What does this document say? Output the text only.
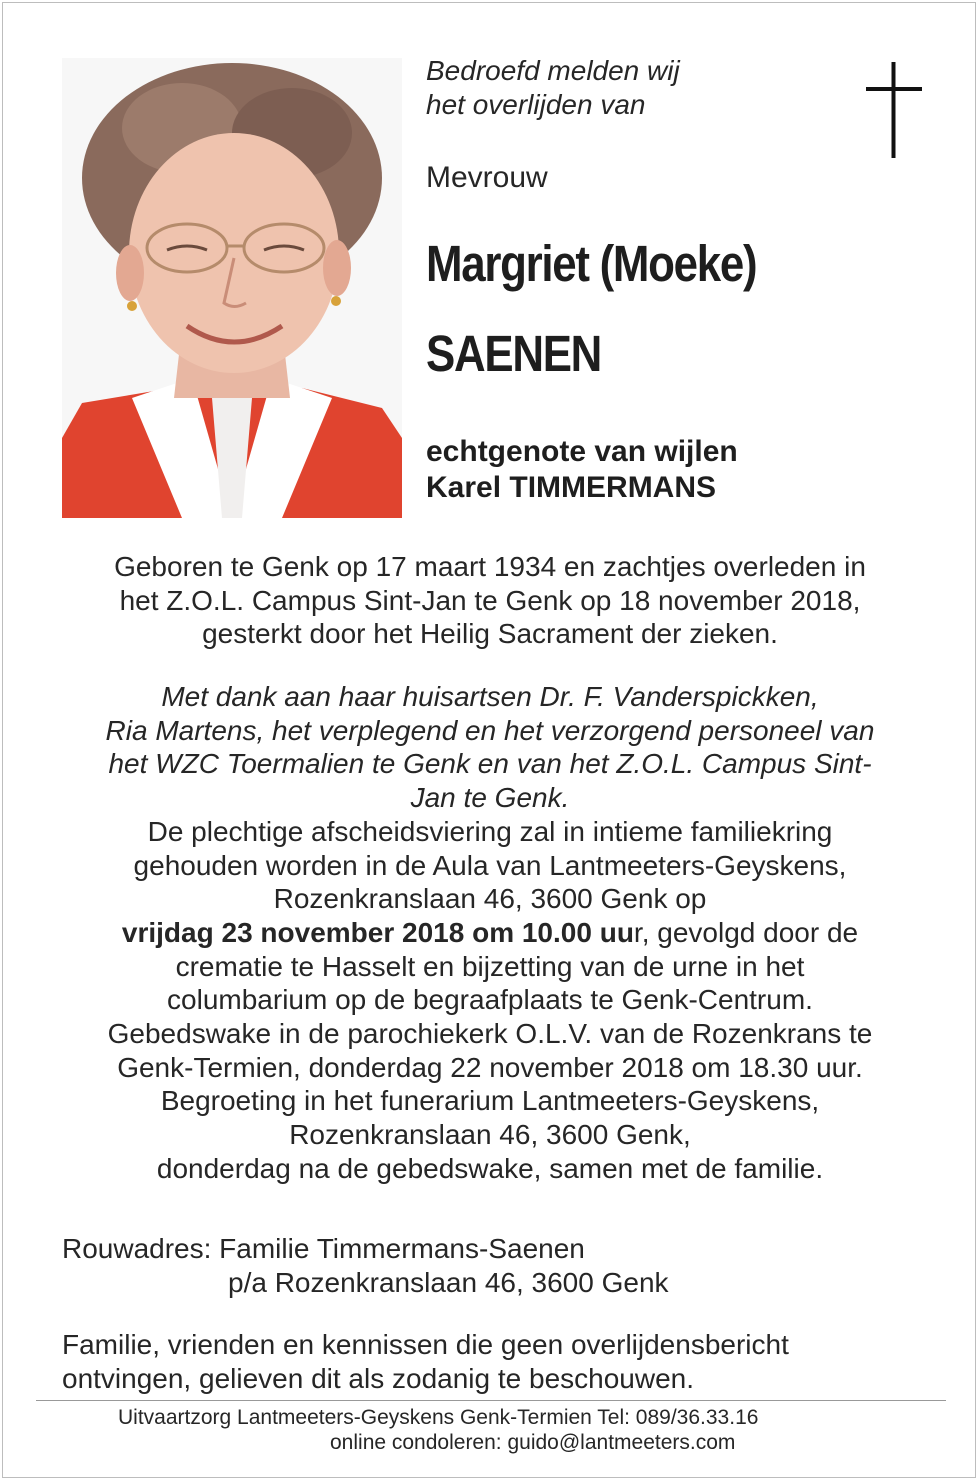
Bedroefd melden wij
het overlijden van
Mevrouw
Margriet (Moeke)
SAENEN
echtgenote van wijlen
Karel TIMMERMANS
Geboren te Genk op 17 maart 1934 en zachtjes overleden in
het Z.O.L. Campus Sint-Jan te Genk op 18 november 2018,
gesterkt door het Heilig Sacrament der zieken.
Met dank aan haar huisartsen Dr. F. Vanderspickken,
Ria Martens, het verplegend en het verzorgend personeel van
het WZC Toermalien te Genk en van het Z.O.L. Campus Sint-
Jan te Genk.
De plechtige afscheidsviering zal in intieme familiekring
gehouden worden in de Aula van Lantmeeters-Geyskens,
Rozenkranslaan 46, 3600 Genk op
vrijdag 23 november 2018 om 10.00 uur, gevolgd door de
crematie te Hasselt en bijzetting van de urne in het
columbarium op de begraafplaats te Genk-Centrum.
Gebedswake in de parochiekerk O.L.V. van de Rozenkrans te
Genk-Termien, donderdag 22 november 2018 om 18.30 uur.
Begroeting in het funerarium Lantmeeters-Geyskens,
Rozenkranslaan 46, 3600 Genk,
donderdag na de gebedswake, samen met de familie.
Rouwadres: Familie Timmermans-Saenen
p/a Rozenkranslaan 46, 3600 Genk
Familie, vrienden en kennissen die geen overlijdensbericht
ontvingen, gelieven dit als zodanig te beschouwen.
Uitvaartzorg Lantmeeters-Geyskens Genk-Termien Tel: 089/36.33.16
online condoleren: guido@lantmeeters.com
